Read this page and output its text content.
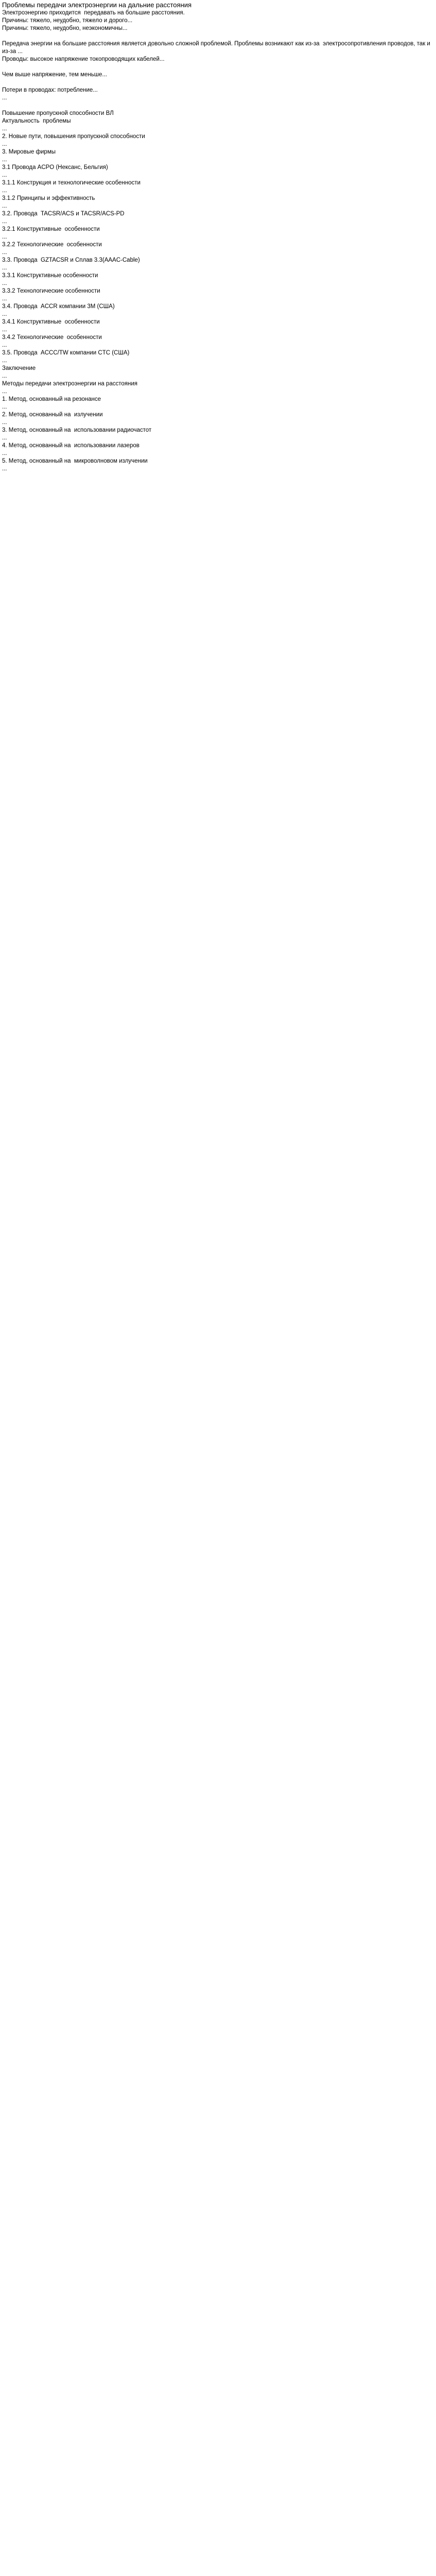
Проблемы передачи электроэнергии на дальние расстояния

Электроэнергию приходится  передавать на большие расстояния.

Причины: тяжело, неудобно, тяжело и дорого...

Причины: тяжело, неудобно, неэкономичны...

Передача энергии на большие расстояния является довольно сложной проблемой. Проблемы возникают как из-за  электросопротивления проводов, так и из-за ...

Проводы: высокое напряжение токопроводящих кабелей...

Чем выше напряжение, тем меньше...

Потери в проводах: потребление...

...

Повышение пропускной способности ВЛ

Актуальность  проблемы

...

2. Новые пути, повышения пропускной способности

...

3. Мировые фирмы

...

3.1 Провода ACPO (Нексанс, Бельгия)

...

3.1.1 Конструкция и технологические особенности

...

3.1.2 Принципы и эффективность

...

3.2. Провода  TACSR/ACS и TACSR/ACS-PD

...

3.2.1 Конструктивные  особенности

...

3.2.2 Технологические  особенности

...

3.3. Провода  GZTACSR и Сплав 3.3(AAAC-Cable)

...

3.3.1 Конструктивные особенности

...

3.3.2 Технологические особенности

...

3.4. Провода  ACCR компании 3М (США)

...

3.4.1 Конструктивные  особенности

...

3.4.2 Технологические  особенности

...

3.5. Провода  ACCC/TW компании CTC (США)

...

Заключение

...

Методы передачи электроэнергии на расстояния

...

1. Метод, основанный на резонансе

...

2. Метод, основанный на  излучении

...

3. Метод, основанный на  использовании радиочастот

...

4. Метод, основанный на  использовании лазеров

...

5. Метод, основанный на  микроволновом излучении

...
